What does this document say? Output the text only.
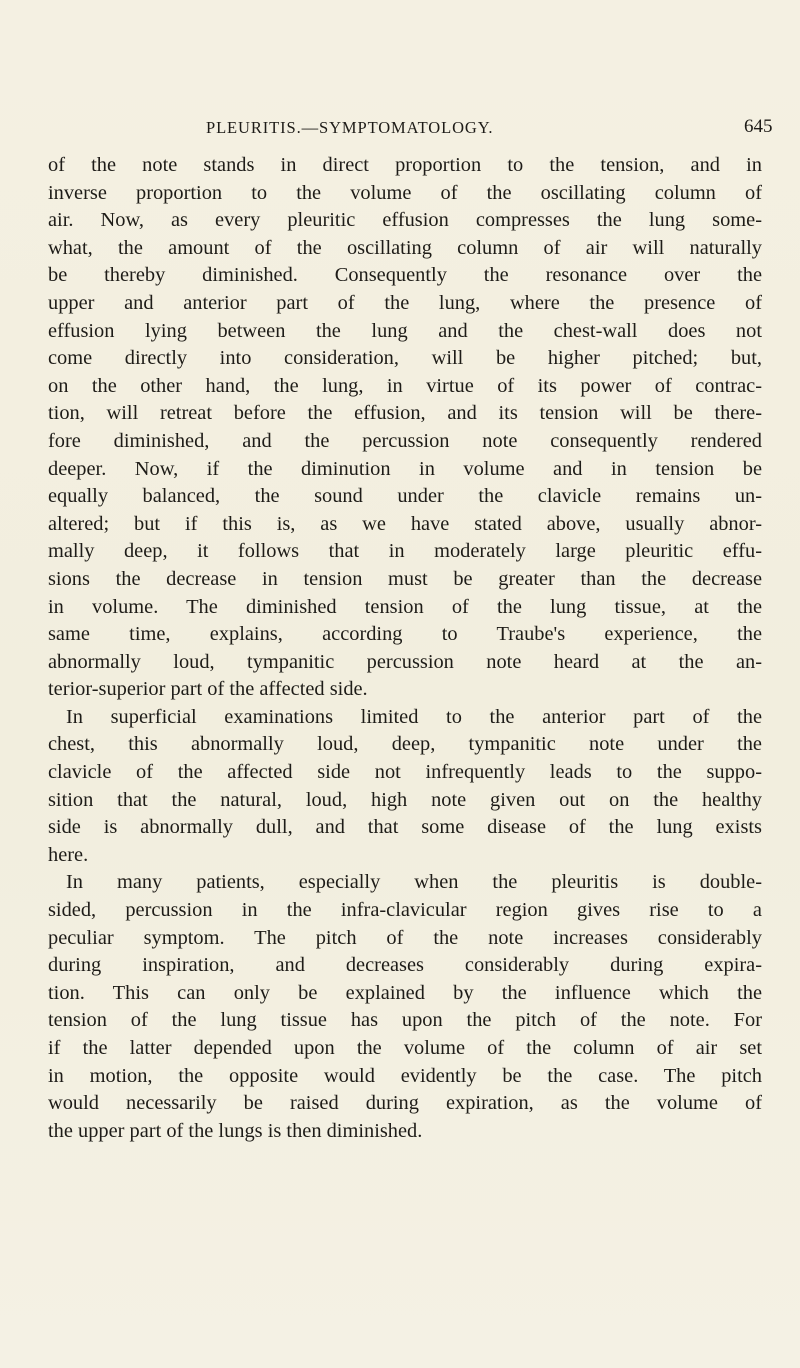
PLEURITIS.—SYMPTOMATOLOGY.	645
of the note stands in direct proportion to the tension, and in
inverse proportion to the volume of the oscillating column of
air. Now, as every pleuritic effusion compresses the lung some-
what, the amount of the oscillating column of air will naturally
be thereby diminished. Consequently the resonance over the
upper and anterior part of the lung, where the presence of
effusion lying between the lung and the chest-wall does not
come directly into consideration, will be higher pitched; but,
on the other hand, the lung, in virtue of its power of contrac-
tion, will retreat before the effusion, and its tension will be there-
fore diminished, and the percussion note consequently rendered
deeper. Now, if the diminution in volume and in tension be
equally balanced, the sound under the clavicle remains un-
altered; but if this is, as we have stated above, usually abnor-
mally deep, it follows that in moderately large pleuritic effu-
sions the decrease in tension must be greater than the decrease
in volume. The diminished tension of the lung tissue, at the
same time, explains, according to Traube's experience, the
abnormally loud, tympanitic percussion note heard at the an-
terior-superior part of the affected side.
In superficial examinations limited to the anterior part of the
chest, this abnormally loud, deep, tympanitic note under the
clavicle of the affected side not infrequently leads to the suppo-
sition that the natural, loud, high note given out on the healthy
side is abnormally dull, and that some disease of the lung exists
here.
In many patients, especially when the pleuritis is double-
sided, percussion in the infra-clavicular region gives rise to a
peculiar symptom. The pitch of the note increases considerably
during inspiration, and decreases considerably during expira-
tion. This can only be explained by the influence which the
tension of the lung tissue has upon the pitch of the note. For
if the latter depended upon the volume of the column of air set
in motion, the opposite would evidently be the case. The pitch
would necessarily be raised during expiration, as the volume of
the upper part of the lungs is then diminished.
